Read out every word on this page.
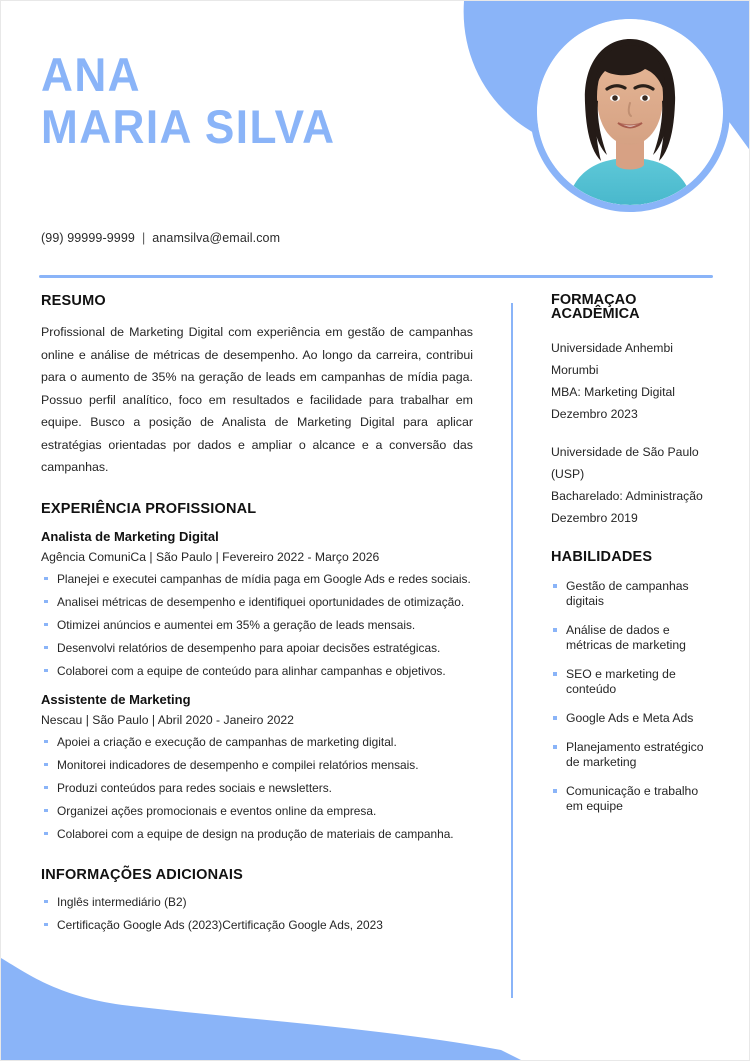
ANA
MARIA SILVA
(99) 99999-9999 | anamsilva@email.com
RESUMO

Profissional de Marketing Digital com experiência em gestão de campanhas online e análise de métricas de desempenho. Ao longo da carreira, contribui para o aumento de 35% na geração de leads em campanhas de mídia paga. Possuo perfil analítico, foco em resultados e facilidade para trabalhar em equipe. Busco a posição de Analista de Marketing Digital para aplicar estratégias orientadas por dados e ampliar o alcance e a conversão das campanhas.

EXPERIÊNCIA PROFISSIONAL

Analista de Marketing Digital

Agência ComuniCa | São Paulo | Fevereiro 2022 - Março 2026

Planejei e executei campanhas de mídia paga em Google Ads e redes sociais.
Analisei métricas de desempenho e identifiquei oportunidades de otimização.
Otimizei anúncios e aumentei em 35% a geração de leads mensais.
Desenvolvi relatórios de desempenho para apoiar decisões estratégicas.
Colaborei com a equipe de conteúdo para alinhar campanhas e objetivos.

Assistente de Marketing

Nescau | São Paulo | Abril 2020 - Janeiro 2022

Apoiei a criação e execução de campanhas de marketing digital.
Monitorei indicadores de desempenho e compilei relatórios mensais.
Produzi conteúdos para redes sociais e newsletters.
Organizei ações promocionais e eventos online da empresa.
Colaborei com a equipe de design na produção de materiais de campanha.
INFORMAÇÕES ADICIONAIS
Inglês intermediário (B2)
Certificação Google Ads (2023)Certificação Google Ads, 2023
FORMAÇAO
ACADÊMICA

Universidade Anhembi Morumbi

MBA: Marketing Digital

Dezembro 2023

Universidade de São Paulo (USP)

Bacharelado: Administração

Dezembro 2019

HABILIDADES
Gestão de campanhas digitais
Análise de dados e métricas de marketing
SEO e marketing de conteúdo
Google Ads e Meta Ads
Planejamento estratégico de marketing
Comunicação e trabalho em equipe
